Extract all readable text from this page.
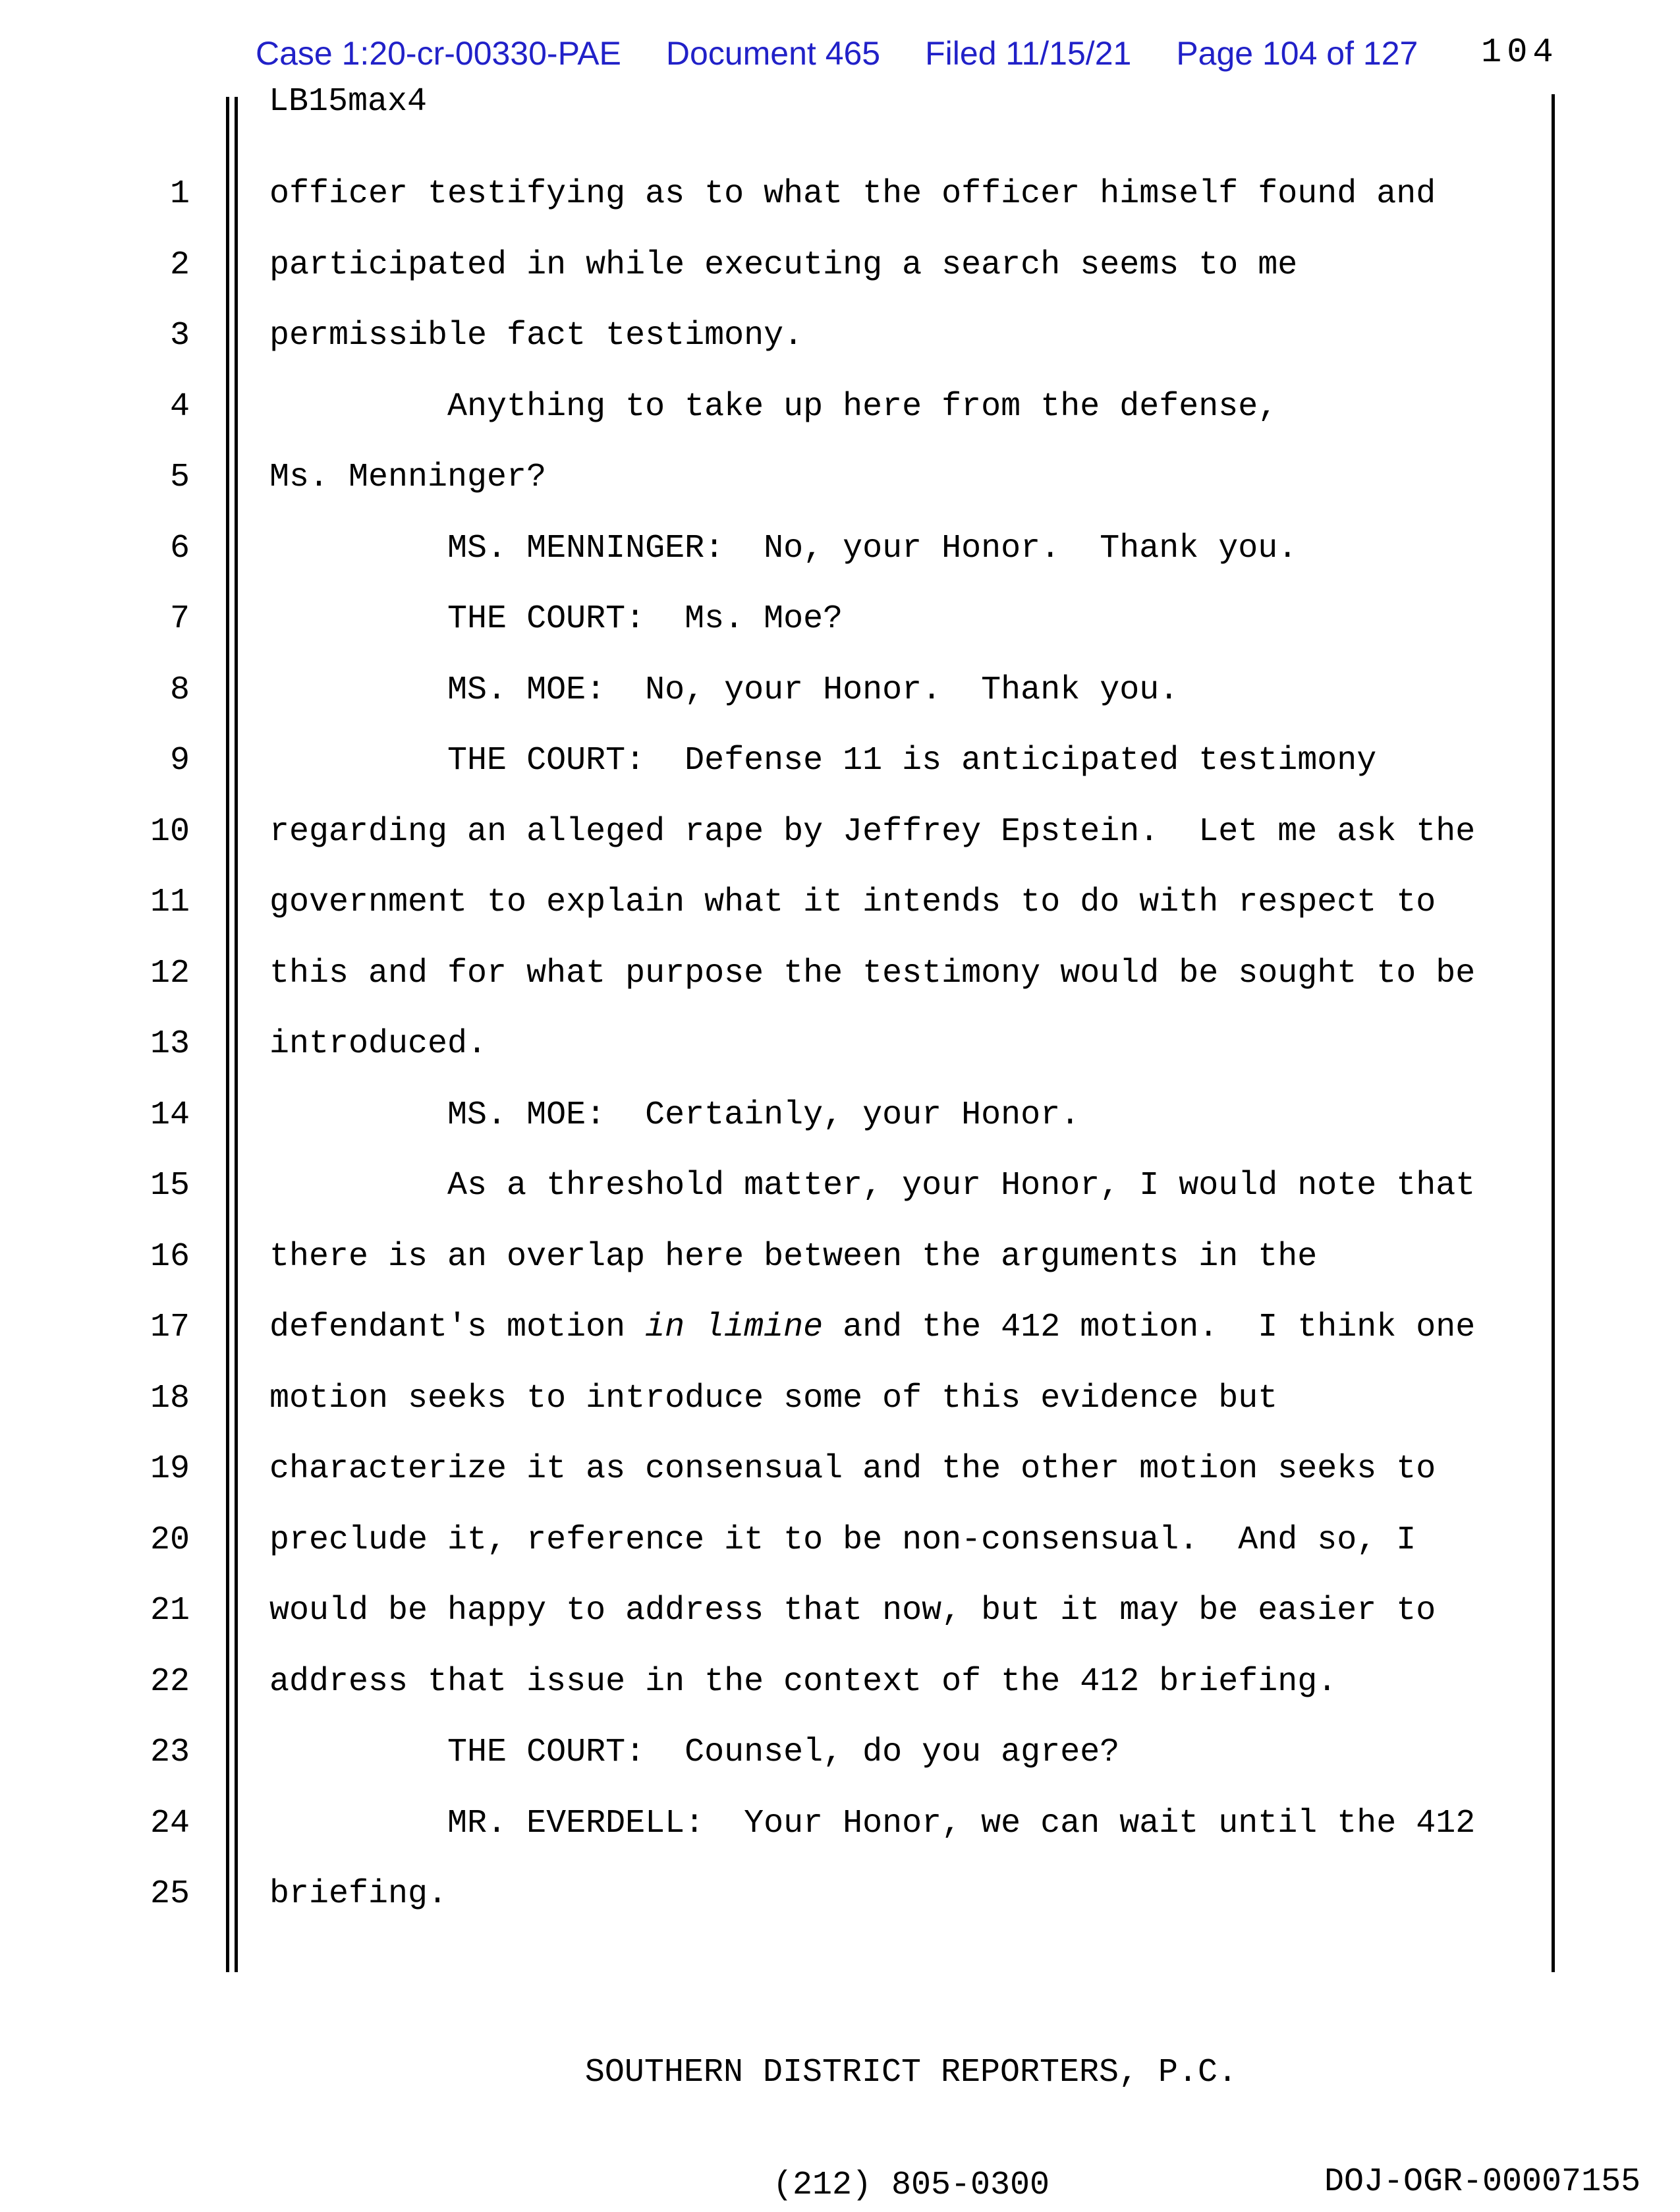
Case 1:20-cr-00330-PAE Document 465 Filed 11/15/21 Page 104 of 127 104
LB15max4
1 officer testifying as to what the officer himself found and
2 participated in while executing a search seems to me
3 permissible fact testimony.
4 Anything to take up here from the defense,
5 Ms. Menninger?
6 MS. MENNINGER:  No, your Honor.  Thank you.
7 THE COURT:  Ms. Moe?
8 MS. MOE:  No, your Honor.  Thank you.
9 THE COURT:  Defense 11 is anticipated testimony
10 regarding an alleged rape by Jeffrey Epstein.  Let me ask the
11 government to explain what it intends to do with respect to
12 this and for what purpose the testimony would be sought to be
13 introduced.
14 MS. MOE:  Certainly, your Honor.
15 As a threshold matter, your Honor, I would note that
16 there is an overlap here between the arguments in the
17 defendant's motion in limine and the 412 motion.  I think one
18 motion seeks to introduce some of this evidence but
19 characterize it as consensual and the other motion seeks to
20 preclude it, reference it to be non-consensual.  And so, I
21 would be happy to address that now, but it may be easier to
22 address that issue in the context of the 412 briefing.
23 THE COURT:  Counsel, do you agree?
24 MR. EVERDELL:  Your Honor, we can wait until the 412
25 briefing.

SOUTHERN DISTRICT REPORTERS, P.C.

(212) 805-0300

	DOJ-OGR-00007155
